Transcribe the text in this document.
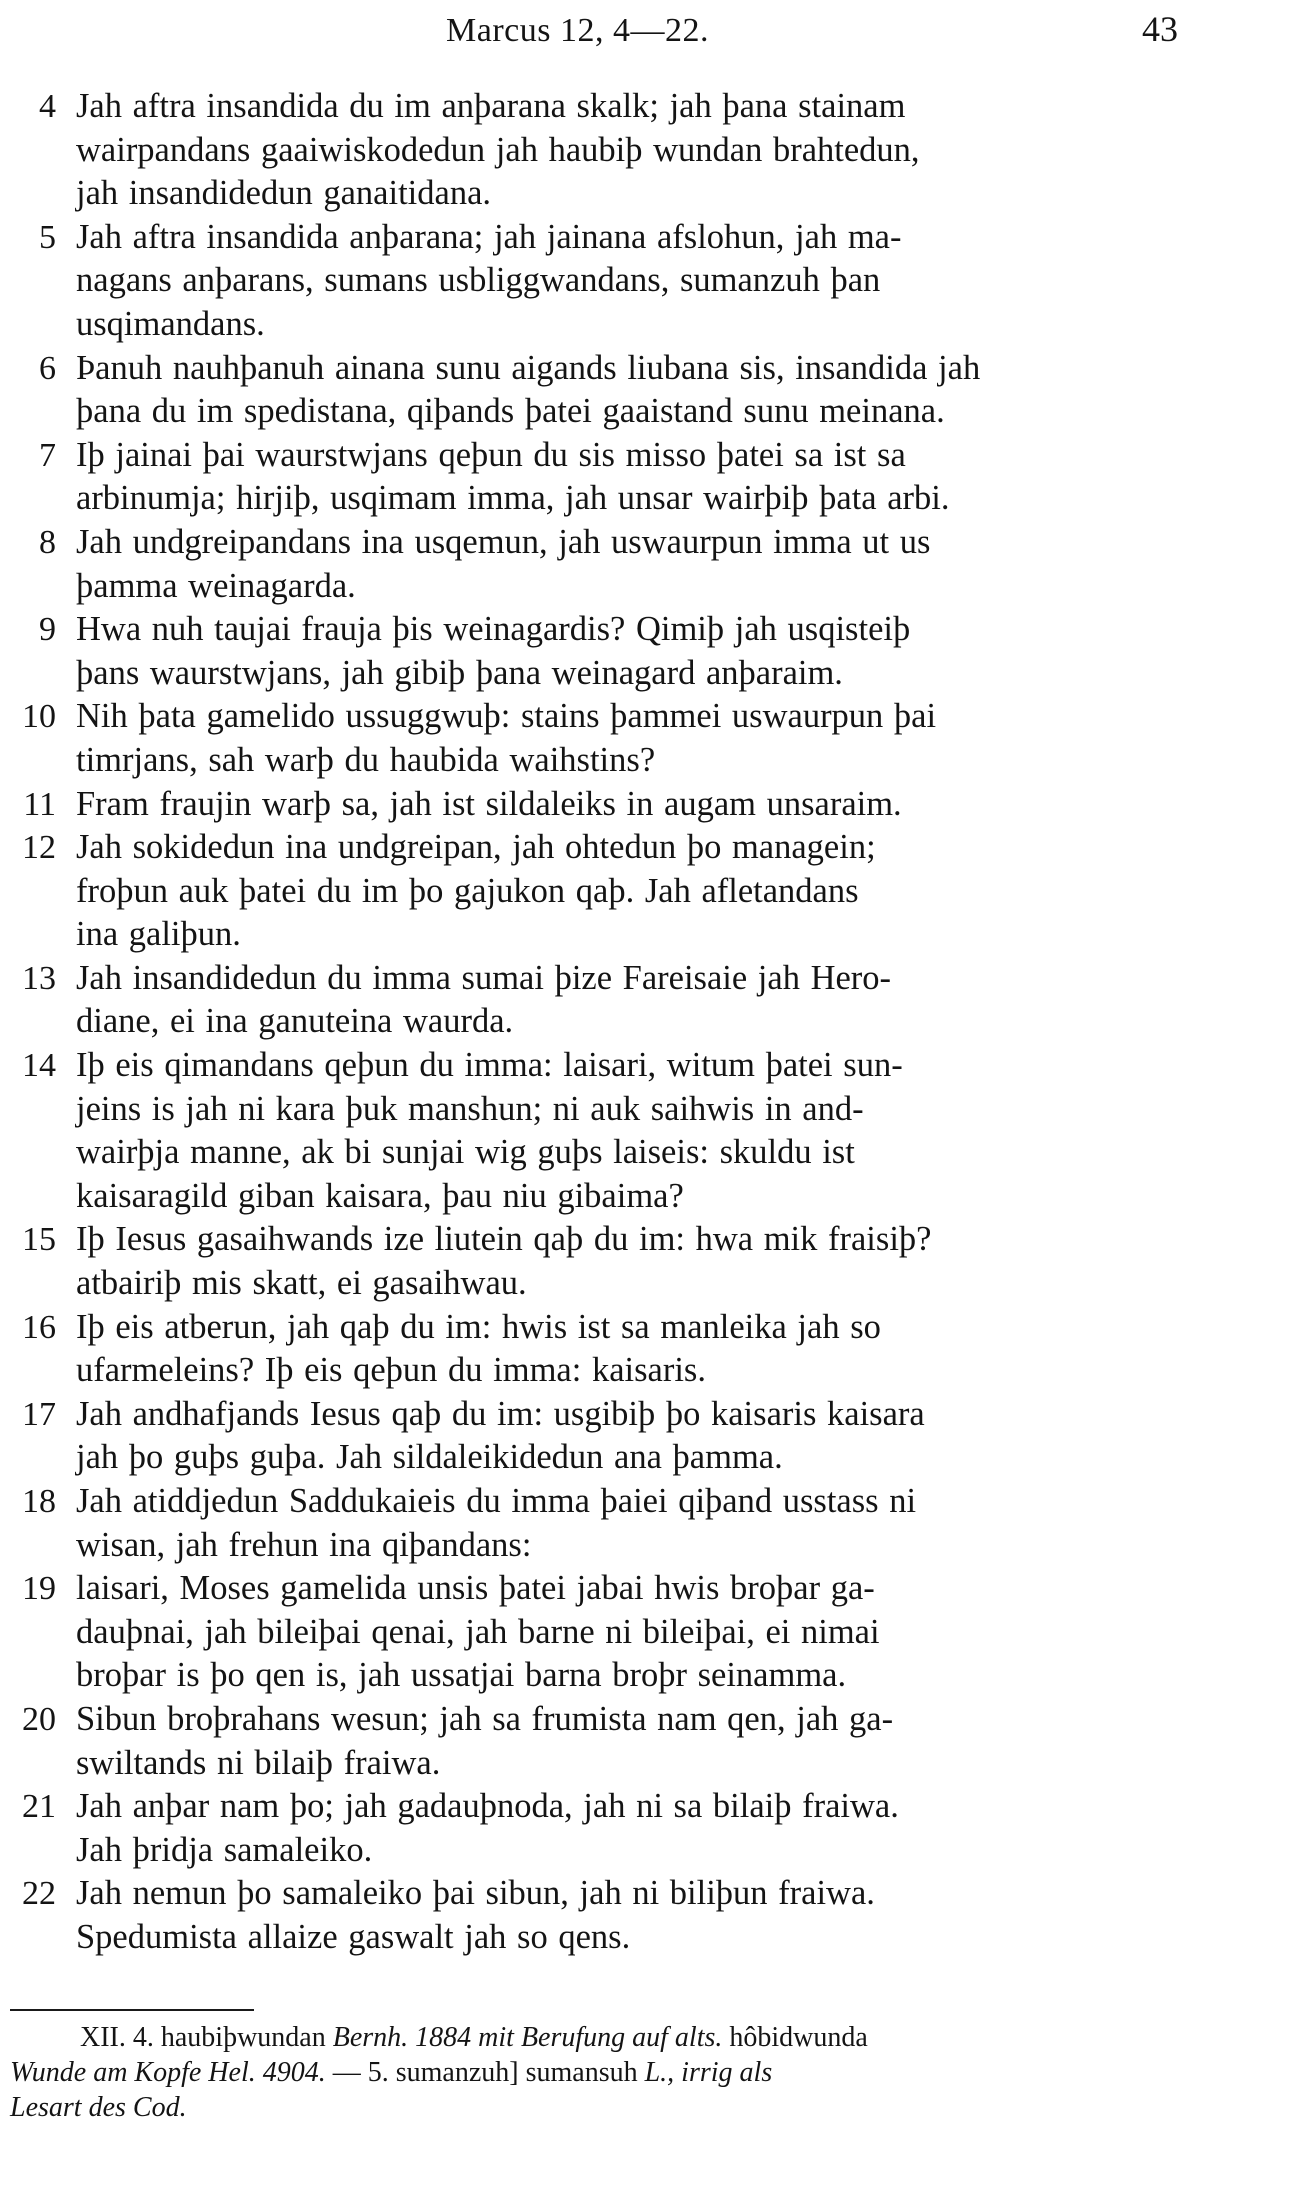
Marcus 12, 4—22.	43
4 Jah aftra insandida du im anþarana skalk; jah þana stainam
wairpandans gaaiwiskodedun jah haubiþ wundan brahtedun,
jah insandidedun ganaitidana.
5 Jah aftra insandida anþarana; jah jainana afslohun, jah ma-
nagans anþarans, sumans usbliggwandans, sumanzuh þan
usqimandans.
6 Þanuh nauhþanuh ainana sunu aigands liubana sis, insandida jah
þana du im spedistana, qiþands þatei gaaistand sunu meinana.
7 Iþ jainai þai waurstwjans qeþun du sis misso þatei sa ist sa
arbinumja; hirjiþ, usqimam imma, jah unsar wairþiþ þata arbi.
8 Jah undgreipandans ina usqemun, jah uswaurpun imma ut us
þamma weinagarda.
9 Hwa nuh taujai frauja þis weinagardis? Qimiþ jah usqisteiþ
þans waurstwjans, jah gibiþ þana weinagard anþaraim.
10 Nih þata gamelido ussuggwuþ: stains þammei uswaurpun þai
timrjans, sah warþ du haubida waihstins?
11 Fram fraujin warþ sa, jah ist sildaleiks in augam unsaraim.
12 Jah sokidedun ina undgreipan, jah ohtedun þo managein;
froþun auk þatei du im þo gajukon qaþ. Jah afletandans
ina galiþun.
13 Jah insandidedun du imma sumai þize Fareisaie jah Hero-
diane, ei ina ganuteina waurda.
14 Iþ eis qimandans qeþun du imma: laisari, witum þatei sun-
jeins is jah ni kara þuk manshun; ni auk saihwis in and-
wairþja manne, ak bi sunjai wig guþs laiseis: skuldu ist
kaisaragild giban kaisara, þau niu gibaima?
15 Iþ Iesus gasaihwands ize liutein qaþ du im: hwa mik fraisiþ?
atbairiþ mis skatt, ei gasaihwau.
16 Iþ eis atberun, jah qaþ du im: hwis ist sa manleika jah so
ufarmeleins? Iþ eis qeþun du imma: kaisaris.
17 Jah andhafjands Iesus qaþ du im: usgibiþ þo kaisaris kaisara
jah þo guþs guþa. Jah sildaleikidedun ana þamma.
18 Jah atiddjedun Saddukaieis du imma þaiei qiþand usstass ni
wisan, jah frehun ina qiþandans:
19 laisari, Moses gamelida unsis þatei jabai hwis broþar ga-
dauþnai, jah bileiþai qenai, jah barne ni bileiþai, ei nimai
broþar is þo qen is, jah ussatjai barna broþr seinamma.
20 Sibun broþrahans wesun; jah sa frumista nam qen, jah ga-
swiltands ni bilaiþ fraiwa.
21 Jah anþar nam þo; jah gadauþnoda, jah ni sa bilaiþ fraiwa.
Jah þridja samaleiko.
22 Jah nemun þo samaleiko þai sibun, jah ni biliþun fraiwa.
Spedumista allaize gaswalt jah so qens.
XII. 4. haubiþwundan Bernh. 1884 mit Berufung auf alts. hôbidwunda
Wunde am Kopfe Hel. 4904. — 5. sumanzuh] sumansuh L., irrig als
Lesart des Cod.
